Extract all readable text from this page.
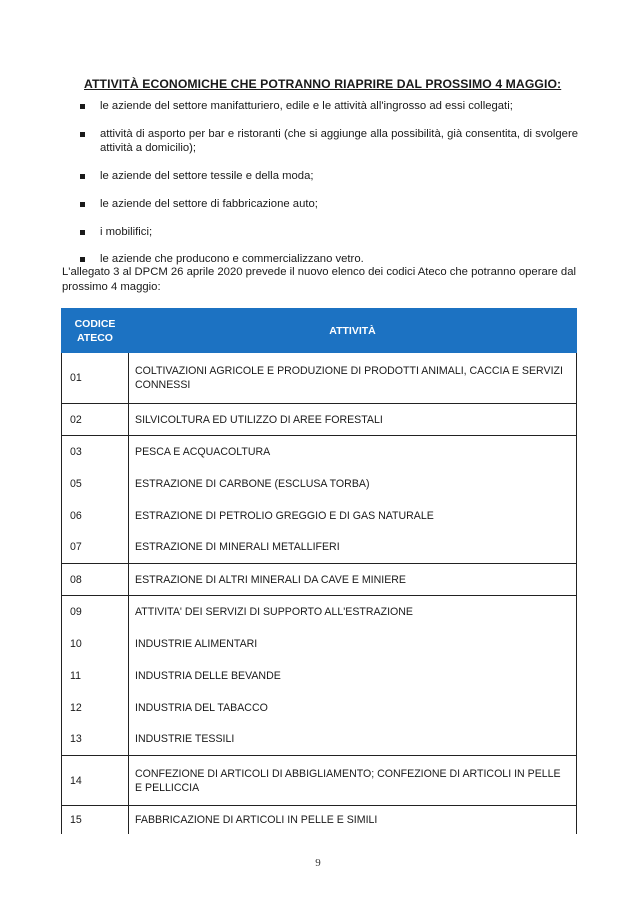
ATTIVITÀ ECONOMICHE CHE POTRANNO RIAPRIRE DAL PROSSIMO 4 MAGGIO:
le aziende del settore manifatturiero, edile e le attività all'ingrosso ad essi collegati;
attività di asporto per bar e ristoranti (che si aggiunge alla possibilità, già consentita, di svolgere attività a domicilio);
le aziende del settore tessile e della moda;
le aziende del settore di fabbricazione auto;
i mobilifici;
le aziende che producono e commercializzano vetro.

L'allegato 3 al DPCM 26 aprile 2020 prevede il nuovo elenco dei codici Ateco che potranno operare dal prossimo 4 maggio:

CODICE ATECO	ATTIVITÀ
01	COLTIVAZIONI AGRICOLE E PRODUZIONE DI PRODOTTI ANIMALI, CACCIA E SERVIZI CONNESSI
02	SILVICOLTURA ED UTILIZZO DI AREE FORESTALI
03	PESCA E ACQUACOLTURA
05	ESTRAZIONE DI CARBONE (ESCLUSA TORBA)
06	ESTRAZIONE DI PETROLIO GREGGIO E DI GAS NATURALE
07	ESTRAZIONE DI MINERALI METALLIFERI
08	ESTRAZIONE DI ALTRI MINERALI DA CAVE E MINIERE
09	ATTIVITA' DEI SERVIZI DI SUPPORTO ALL'ESTRAZIONE
10	INDUSTRIE ALIMENTARI
11	INDUSTRIA DELLE BEVANDE
12	INDUSTRIA DEL TABACCO
13	INDUSTRIE TESSILI
14	CONFEZIONE DI ARTICOLI DI ABBIGLIAMENTO; CONFEZIONE DI ARTICOLI IN PELLE E PELLICCIA
15	FABBRICAZIONE DI ARTICOLI IN PELLE E SIMILI
9
